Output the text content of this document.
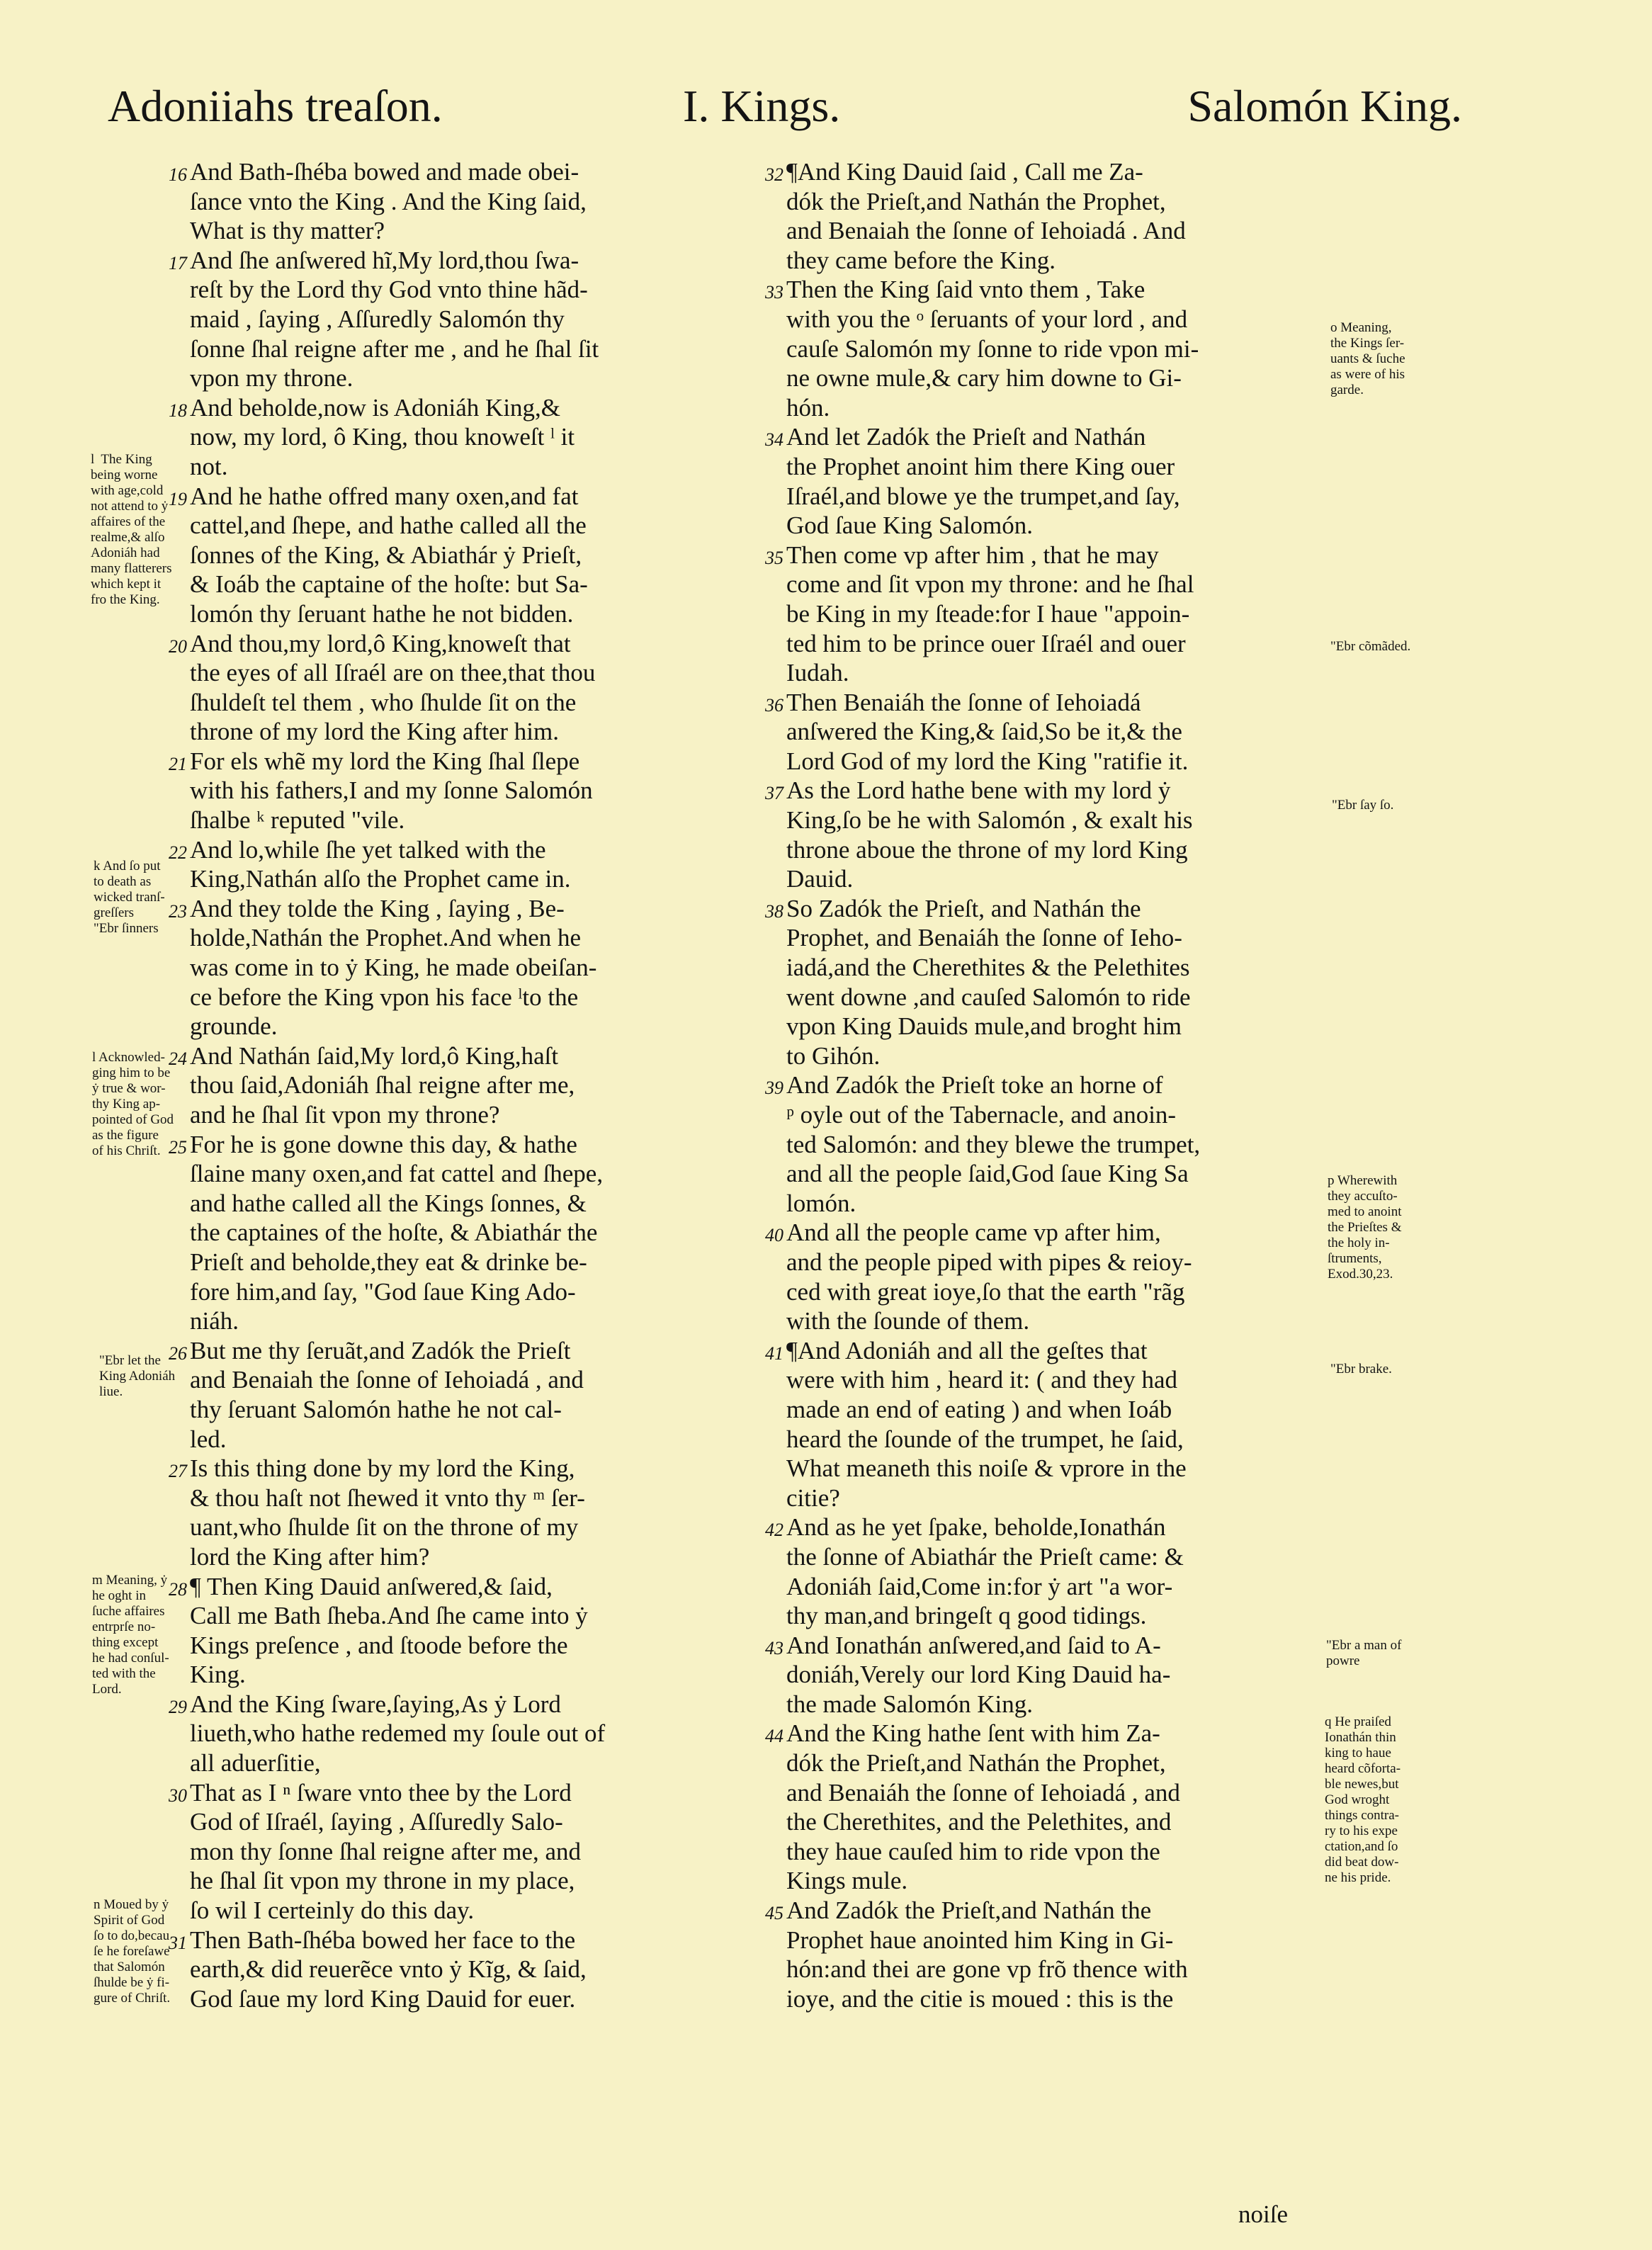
Adoniiahs treaſon.	I. Kings.	Salomón King.
16 And Bath-ſhéba bowed and made obei-
ſance vnto the King . And the King ſaid,
What is thy matter?
17 And ſhe anſwered hĩ,My lord,thou ſwa-
reſt by the Lord thy God vnto thine hãd-
maid , ſaying , Aſſuredly Salomón thy
ſonne ſhal reigne after me , and he ſhal ſit
vpon my throne.
18 And beholde,now is Adoniáh King,&
now, my lord, ô King, thou knoweſt ˡ it
not.
19 And he hathe offred many oxen,and fat
cattel,and ſhepe, and hathe called all the
ſonnes of the King, & Abiathár ẏ Prieſt,
& Ioáb the captaine of the hoſte: but Sa-
lomón thy ſeruant hathe he not bidden.
20 And thou,my lord,ô King,knoweſt that
the eyes of all Iſraél are on thee,that thou
ſhuldeſt tel them , who ſhulde ſit on the
throne of my lord the King after him.
21 For els whẽ my lord the King ſhal ſlepe
with his fathers,I and my ſonne Salomón
ſhalbe ᵏ reputed "vile.
22 And lo,while ſhe yet talked with the
King,Nathán alſo the Prophet came in.
23 And they tolde the King , ſaying , Be-
holde,Nathán the Prophet.And when he
was come in to ẏ King, he made obeiſan-
ce before the King vpon his face ˡto the
grounde.
24 And Nathán ſaid,My lord,ô King,haſt
thou ſaid,Adoniáh ſhal reigne after me,
and he ſhal ſit vpon my throne?
25 For he is gone downe this day, & hathe
ſlaine many oxen,and fat cattel and ſhepe,
and hathe called all the Kings ſonnes, &
the captaines of the hoſte, & Abiathár the
Prieſt and beholde,they eat & drinke be-
fore him,and ſay, "God ſaue King Ado-
niáh.
26 But me thy ſeruãt,and Zadók the Prieſt
and Benaiah the ſonne of Iehoiadá , and
thy ſeruant Salomón hathe he not cal-
led.
27 Is this thing done by my lord the King,
& thou haſt not ſhewed it vnto thy ᵐ ſer-
uant,who ſhulde ſit on the throne of my
lord the King after him?
28 ¶ Then King Dauid anſwered,& ſaid,
Call me Bath ſheba.And ſhe came into ẏ
Kings preſence , and ſtoode before the
King.
29 And the King ſware,ſaying,As ẏ Lord
liueth,who hathe redemed my ſoule out of
all aduerſitie,
30 That as I ⁿ ſware vnto thee by the Lord
God of Iſraél, ſaying , Aſſuredly Salo-
mon thy ſonne ſhal reigne after me, and
he ſhal ſit vpon my throne in my place,
ſo wil I certeinly do this day.
31 Then Bath-ſhéba bowed her face to the
earth,& did reuerẽce vnto ẏ Kĩg, & ſaid,
God ſaue my lord King Dauid for euer.
32 ¶And King Dauid ſaid , Call me Za-
dók the Prieſt,and Nathán the Prophet,
and Benaiah the ſonne of Iehoiadá . And
they came before the King.
33 Then the King ſaid vnto them , Take
with you the ᵒ ſeruants of your lord , and
cauſe Salomón my ſonne to ride vpon mi-
ne owne mule,& cary him downe to Gi-
hón.
34 And let Zadók the Prieſt and Nathán
the Prophet anoint him there King ouer
Iſraél,and blowe ye the trumpet,and ſay,
God ſaue King Salomón.
35 Then come vp after him , that he may
come and ſit vpon my throne: and he ſhal
be King in my ſteade:for I haue "appoin-
ted him to be prince ouer Iſraél and ouer
Iudah.
36 Then Benaiáh the ſonne of Iehoiadá
anſwered the King,& ſaid,So be it,& the
Lord God of my lord the King "ratifie it.
37 As the Lord hathe bene with my lord ẏ
King,ſo be he with Salomón , & exalt his
throne aboue the throne of my lord King
Dauid.
38 So Zadók the Prieſt, and Nathán the
Prophet, and Benaiáh the ſonne of Ieho-
iadá,and the Cherethites & the Pelethites
went downe ,and cauſed Salomón to ride
vpon King Dauids mule,and broght him
to Gihón.
39 And Zadók the Prieſt toke an horne of
ᵖ oyle out of the Tabernacle, and anoin-
ted Salomón: and they blewe the trumpet,
and all the people ſaid,God ſaue King Sa
lomón.
40 And all the people came vp after him,
and the people piped with pipes & reioy-
ced with great ioye,ſo that the earth "rãg
with the ſounde of them.
41 ¶And Adoniáh and all the geſtes that
were with him , heard it: ( and they had
made an end of eating ) and when Ioáb
heard the ſounde of the trumpet, he ſaid,
What meaneth this noiſe & vprore in the
citie?
42 And as he yet ſpake, beholde,Ionathán
the ſonne of Abiathár the Prieſt came: &
Adoniáh ſaid,Come in:for ẏ art "a wor-
thy man,and bringeſt q good tidings.
43 And Ionathán anſwered,and ſaid to A-
doniáh,Verely our lord King Dauid ha-
the made Salomón King.
44 And the King hathe ſent with him Za-
dók the Prieſt,and Nathán the Prophet,
and Benaiáh the ſonne of Iehoiadá , and
the Cherethites, and the Pelethites, and
they haue cauſed him to ride vpon the
Kings mule.
45 And Zadók the Prieſt,and Nathán the
Prophet haue anointed him King in Gi-
hón:and thei are gone vp frõ thence with
ioye, and the citie is moued : this is the
noiſe
l  The King
being worne
with age,cold
not attend to ẏ
affaires of the
realme,& alſo
Adoniáh had
many flatterers
which kept it
fro the King.
k And ſo put
to death as
wicked tranſ-
greſſers
"Ebr ſinners
l Acknowled-
ging him to be
ẏ true & wor-
thy King ap-
pointed of God
as the figure
of his Chriſt.
"Ebr let the
King Adoniáh
liue.
m Meaning, ẏ
he oght in
ſuche affaires
entrprſe no-
thing except
he had conſul-
ted with the
Lord.
n Moued by ẏ
Spirit of God
ſo to do,becau
ſe he foreſawe
that Salomón
ſhulde be ẏ fi-
gure of Chriſt.
o Meaning,
the Kings ſer-
uants & ſuche
as were of his
garde.
"Ebr cõmãded.
"Ebr ſay ſo.
p Wherewith
they accuſto-
med to anoint
the Prieſtes &
the holy in-
ſtruments,
Exod.30,23.
"Ebr brake.
"Ebr a man of
powre
q He praiſed
Ionathán thin
king to haue
heard cõforta-
ble newes,but
God wroght
things contra-
ry to his expe
ctation,and ſo
did beat dow-
ne his pride.
